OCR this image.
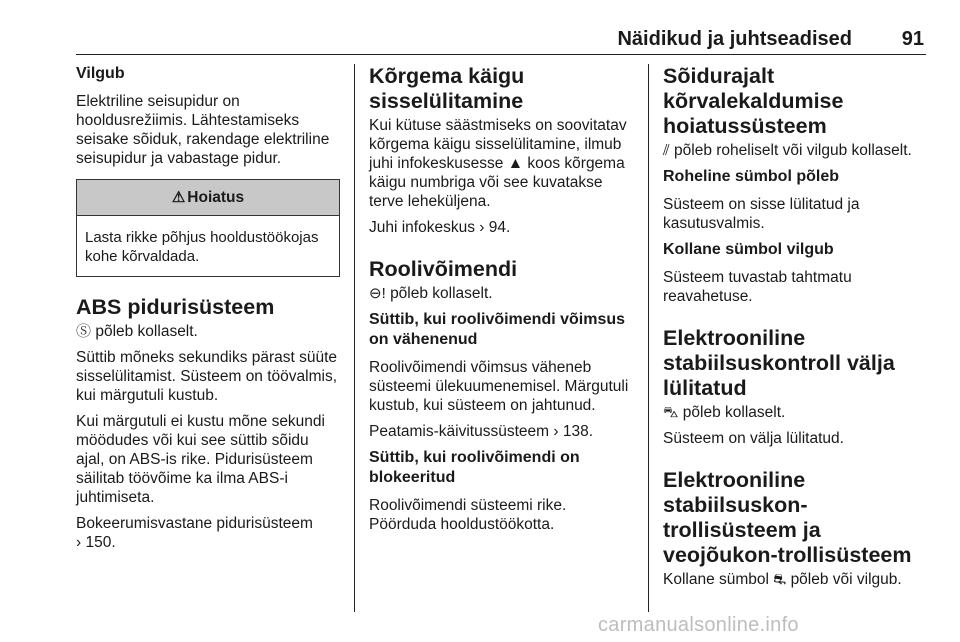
Näidikud ja juhtseadised 91
Vilgub

Elektriline seisupidur on hooldusrežiimis. Lähtestamiseks seisake sõiduk, rakendage elektriline seisupidur ja vabastage pidur.

⚠ Hoiatus
Lasta rikke põhjus hooldustöökojas kohe kõrvaldada.
ABS pidurisüsteem

Ⓢ põleb kollaselt.

Süttib mõneks sekundiks pärast süüte sisselülitamist. Süsteem on töövalmis, kui märgutuli kustub.

Kui märgutuli ei kustu mõne sekundi möödudes või kui see süttib sõidu ajal, on ABS-is rike. Pidurisüsteem säilitab töövõime ka ilma ABS-i juhtimiseta.

Bokeerumisvastane pidurisüsteem
› 150.

Kõrgema käigu sisselülitamine

Kui kütuse säästmiseks on soovitatav kõrgema käigu sisselülitamine, ilmub juhi infokeskusesse ▲ koos kõrgema käigu numbriga või see kuvatakse terve leheküljena.

Juhi infokeskus › 94.

Roolivõimendi

⊖! põleb kollaselt.

Süttib, kui roolivõimendi võimsus on vähenenud

Roolivõimendi võimsus väheneb süsteemi ülekuumenemisel. Märgutuli kustub, kui süsteem on jahtunud.

Peatamis-käivitussüsteem › 138.

Süttib, kui roolivõimendi on blokeeritud

Roolivõimendi süsteemi rike. Pöörduda hooldustöökotta.

Sõidurajalt kõrvalekaldumise hoiatussüsteem

⫽ põleb roheliselt või vilgub kollaselt.

Roheline sümbol põleb

Süsteem on sisse lülitatud ja kasutusvalmis.

Kollane sümbol vilgub

Süsteem tuvastab tahtmatu reavahetuse.

Elektrooniline stabiilsuskontroll välja lülitatud

⛍ põleb kollaselt.

Süsteem on välja lülitatud.

Elektrooniline stabiilsuskon-trollisüsteem ja veojõukon-trollisüsteem

Kollane sümbol ⛐ põleb või vilgub.

carmanualsonline.info
